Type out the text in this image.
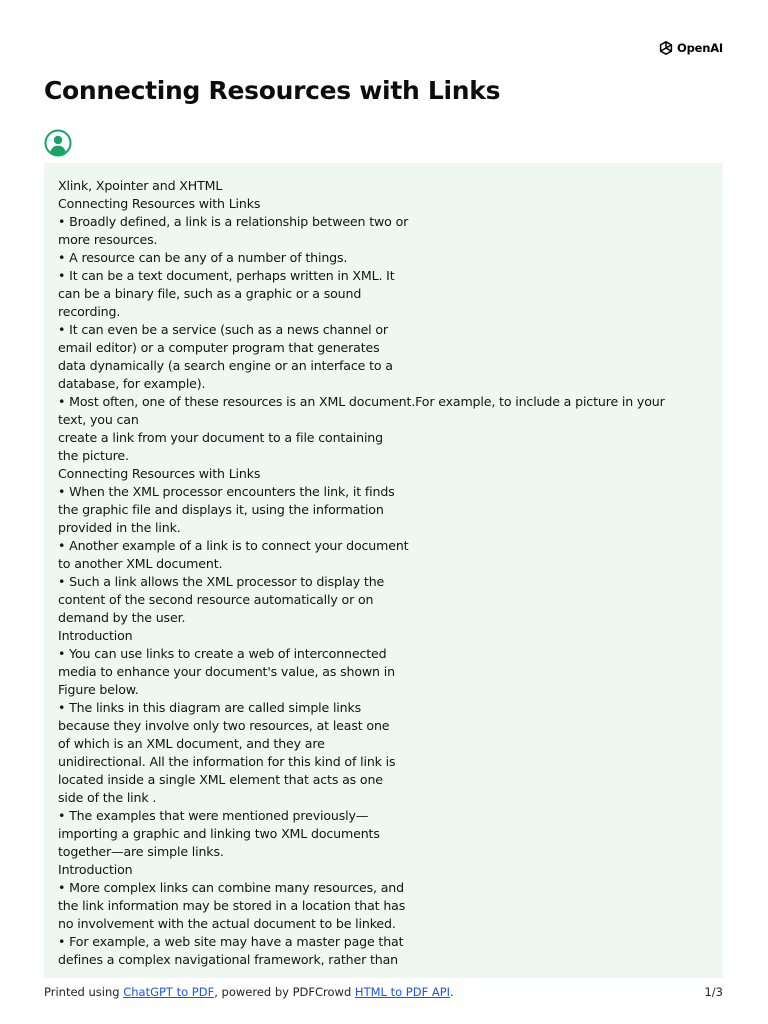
OpenAI
Connecting Resources with Links
Xlink, Xpointer and XHTML
Connecting Resources with Links
• Broadly defined, a link is a relationship between two or
more resources.
• A resource can be any of a number of things.
• It can be a text document, perhaps written in XML. It
can be a binary file, such as a graphic or a sound
recording.
• It can even be a service (such as a news channel or
email editor) or a computer program that generates
data dynamically (a search engine or an interface to a
database, for example).
• Most often, one of these resources is an XML document.For example, to include a picture in your
text, you can
create a link from your document to a file containing
the picture.
Connecting Resources with Links
• When the XML processor encounters the link, it finds
the graphic file and displays it, using the information
provided in the link.
• Another example of a link is to connect your document
to another XML document.
• Such a link allows the XML processor to display the
content of the second resource automatically or on
demand by the user.
Introduction
• You can use links to create a web of interconnected
media to enhance your document's value, as shown in
Figure below.
• The links in this diagram are called simple links
because they involve only two resources, at least one
of which is an XML document, and they are
unidirectional. All the information for this kind of link is
located inside a single XML element that acts as one
side of the link .
• The examples that were mentioned previously—
importing a graphic and linking two XML documents
together—are simple links.
Introduction
• More complex links can combine many resources, and
the link information may be stored in a location that has
no involvement with the actual document to be linked.
• For example, a web site may have a master page that
defines a complex navigational framework, rather than
Printed using ChatGPT to PDF, powered by PDFCrowd HTML to PDF API.	1/3
